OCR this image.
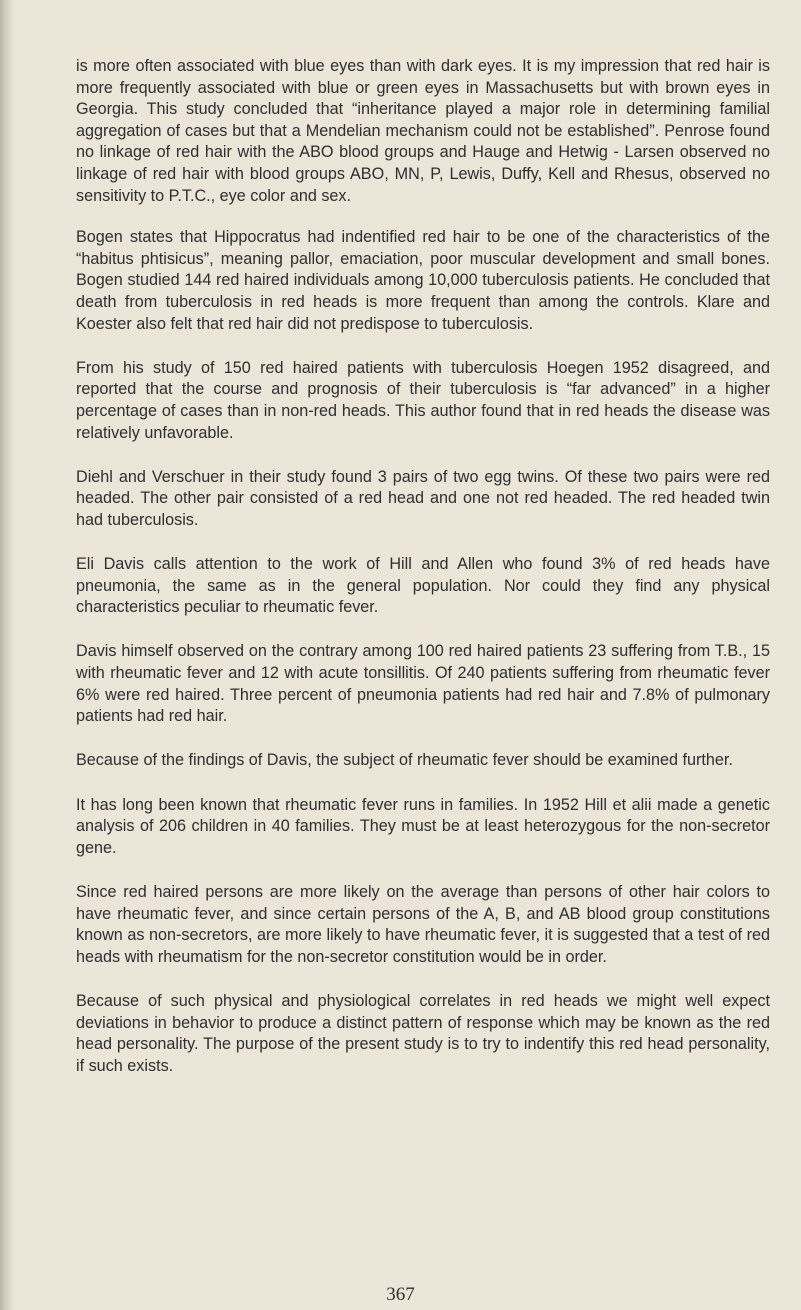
is more often associated with blue eyes than with dark eyes. It is my impression that red hair is more frequently associated with blue or green eyes in Massachusetts but with brown eyes in Georgia. This study concluded that “inheritance played a major role in determining familial aggregation of cases but that a Mendelian mechanism could not be established”. Penrose found no linkage of red hair with the ABO blood groups and Hauge and Hetwig - Larsen observed no linkage of red hair with blood groups ABO, MN, P, Lewis, Duffy, Kell and Rhesus, observed no sensitivity to P.T.C., eye color and sex.

Bogen states that Hippocratus had indentified red hair to be one of the characteristics of the “habitus phtisicus”, meaning pallor, emaciation, poor muscular development and small bones. Bogen studied 144 red haired individuals among 10,000 tuberculosis patients. He concluded that death from tuberculosis in red heads is more frequent than among the controls. Klare and Koester also felt that red hair did not predispose to tuberculosis.

From his study of 150 red haired patients with tuberculosis Hoegen 1952 disagreed, and reported that the course and prognosis of their tuberculosis is “far advanced” in a higher percentage of cases than in non-red heads. This author found that in red heads the disease was relatively unfavorable.

Diehl and Verschuer in their study found 3 pairs of two egg twins. Of these two pairs were red headed. The other pair consisted of a red head and one not red headed. The red headed twin had tuberculosis.

Eli Davis calls attention to the work of Hill and Allen who found 3% of red heads have pneumonia, the same as in the general population. Nor could they find any physical characteristics peculiar to rheumatic fever.

Davis himself observed on the contrary among 100 red haired patients 23 suffering from T.B., 15 with rheumatic fever and 12 with acute tonsillitis. Of 240 patients suffering from rheumatic fever 6% were red haired. Three percent of pneumonia patients had red hair and 7.8% of pulmonary patients had red hair.

Because of the findings of Davis, the subject of rheumatic fever should be examined further.

It has long been known that rheumatic fever runs in families. In 1952 Hill et alii made a genetic analysis of 206 children in 40 families. They must be at least heterozygous for the non-secretor gene.

Since red haired persons are more likely on the average than persons of other hair colors to have rheumatic fever, and since certain persons of the A, B, and AB blood group constitutions known as non-secretors, are more likely to have rheumatic fever, it is suggested that a test of red heads with rheumatism for the non-secretor constitution would be in order.

Because of such physical and physiological correlates in red heads we might well expect deviations in behavior to produce a distinct pattern of response which may be known as the red head personality. The purpose of the present study is to try to indentify this red head personality, if such exists.

367
